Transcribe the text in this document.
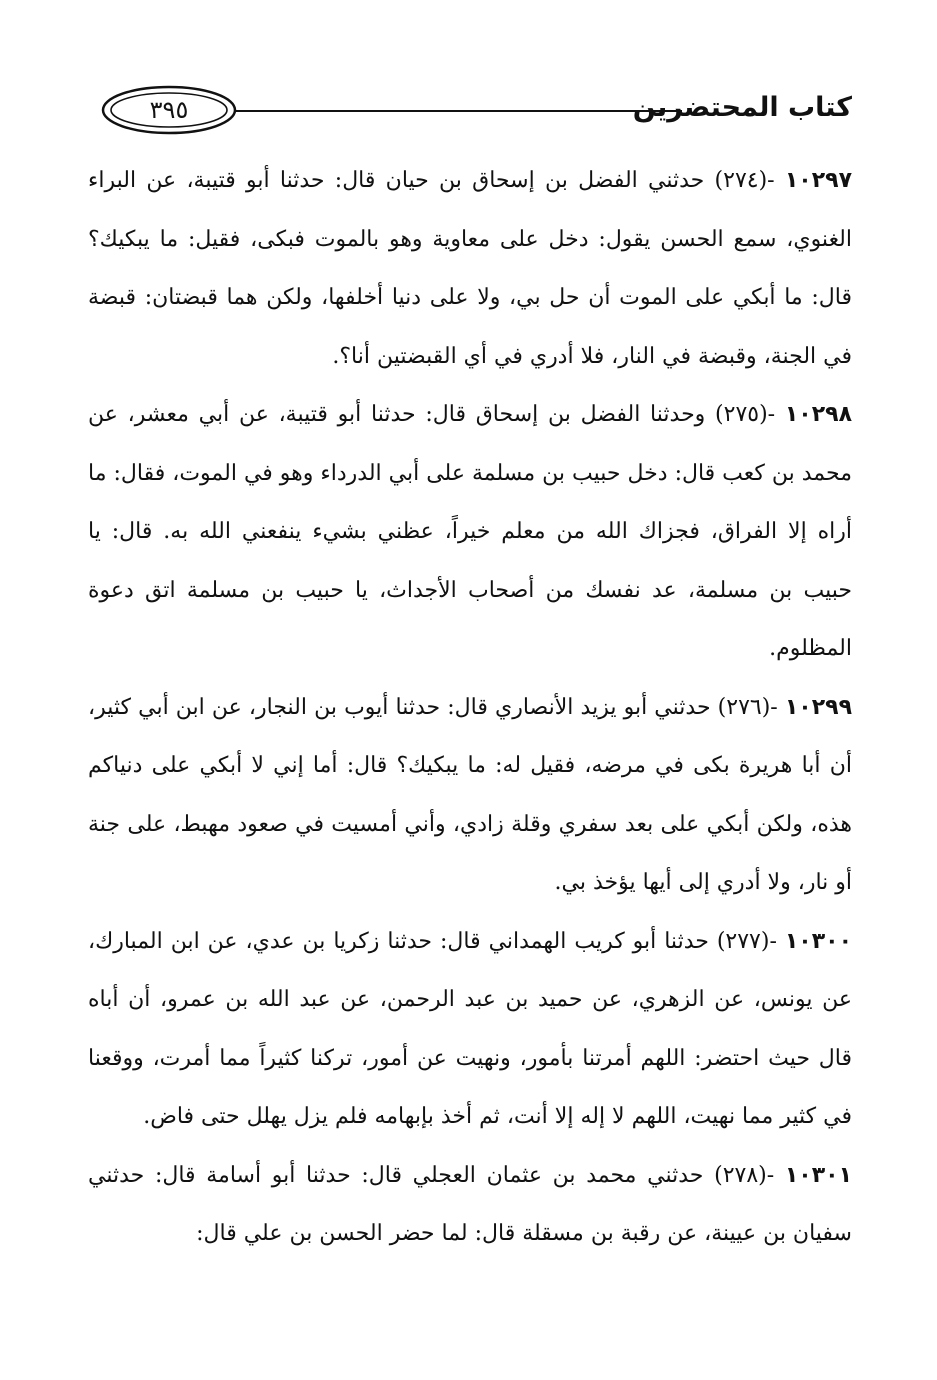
كتاب المحتضرين
٣٩٥

١٠٢٩٧ -(٢٧٤) حدثني الفضل بن إسحاق بن حيان قال: حدثنا أبو قتيبة، عن البراء الغنوي، سمع الحسن يقول: دخل على معاوية وهو بالموت فبكى، فقيل: ما يبكيك؟ قال: ما أبكي على الموت أن حل بي، ولا على دنيا أخلفها، ولكن هما قبضتان: قبضة في الجنة، وقبضة في النار، فلا أدري في أي القبضتين أنا؟.

١٠٢٩٨ -(٢٧٥) وحدثنا الفضل بن إسحاق قال: حدثنا أبو قتيبة، عن أبي معشر، عن محمد بن كعب قال: دخل حبيب بن مسلمة على أبي الدرداء وهو في الموت، فقال: ما أراه إلا الفراق، فجزاك الله من معلم خيراً، عظني بشيء ينفعني الله به. قال: يا حبيب بن مسلمة، عد نفسك من أصحاب الأجداث، يا حبيب بن مسلمة اتق دعوة المظلوم.

١٠٢٩٩ -(٢٧٦) حدثني أبو يزيد الأنصاري قال: حدثنا أيوب بن النجار، عن ابن أبي كثير، أن أبا هريرة بكى في مرضه، فقيل له: ما يبكيك؟ قال: أما إني لا أبكي على دنياكم هذه، ولكن أبكي على بعد سفري وقلة زادي، وأني أمسيت في صعود مهبط، على جنة أو نار، ولا أدري إلى أيها يؤخذ بي.

١٠٣٠٠ -(٢٧٧) حدثنا أبو كريب الهمداني قال: حدثنا زكريا بن عدي، عن ابن المبارك، عن يونس، عن الزهري، عن حميد بن عبد الرحمن، عن عبد الله بن عمرو، أن أباه قال حيث احتضر: اللهم أمرتنا بأمور، ونهيت عن أمور، تركنا كثيراً مما أمرت، ووقعنا في كثير مما نهيت، اللهم لا إله إلا أنت، ثم أخذ بإبهامه فلم يزل يهلل حتى فاض.

١٠٣٠١ -(٢٧٨) حدثني محمد بن عثمان العجلي قال: حدثنا أبو أسامة قال: حدثني سفيان بن عيينة، عن رقبة بن مسقلة قال: لما حضر الحسن بن علي قال:
